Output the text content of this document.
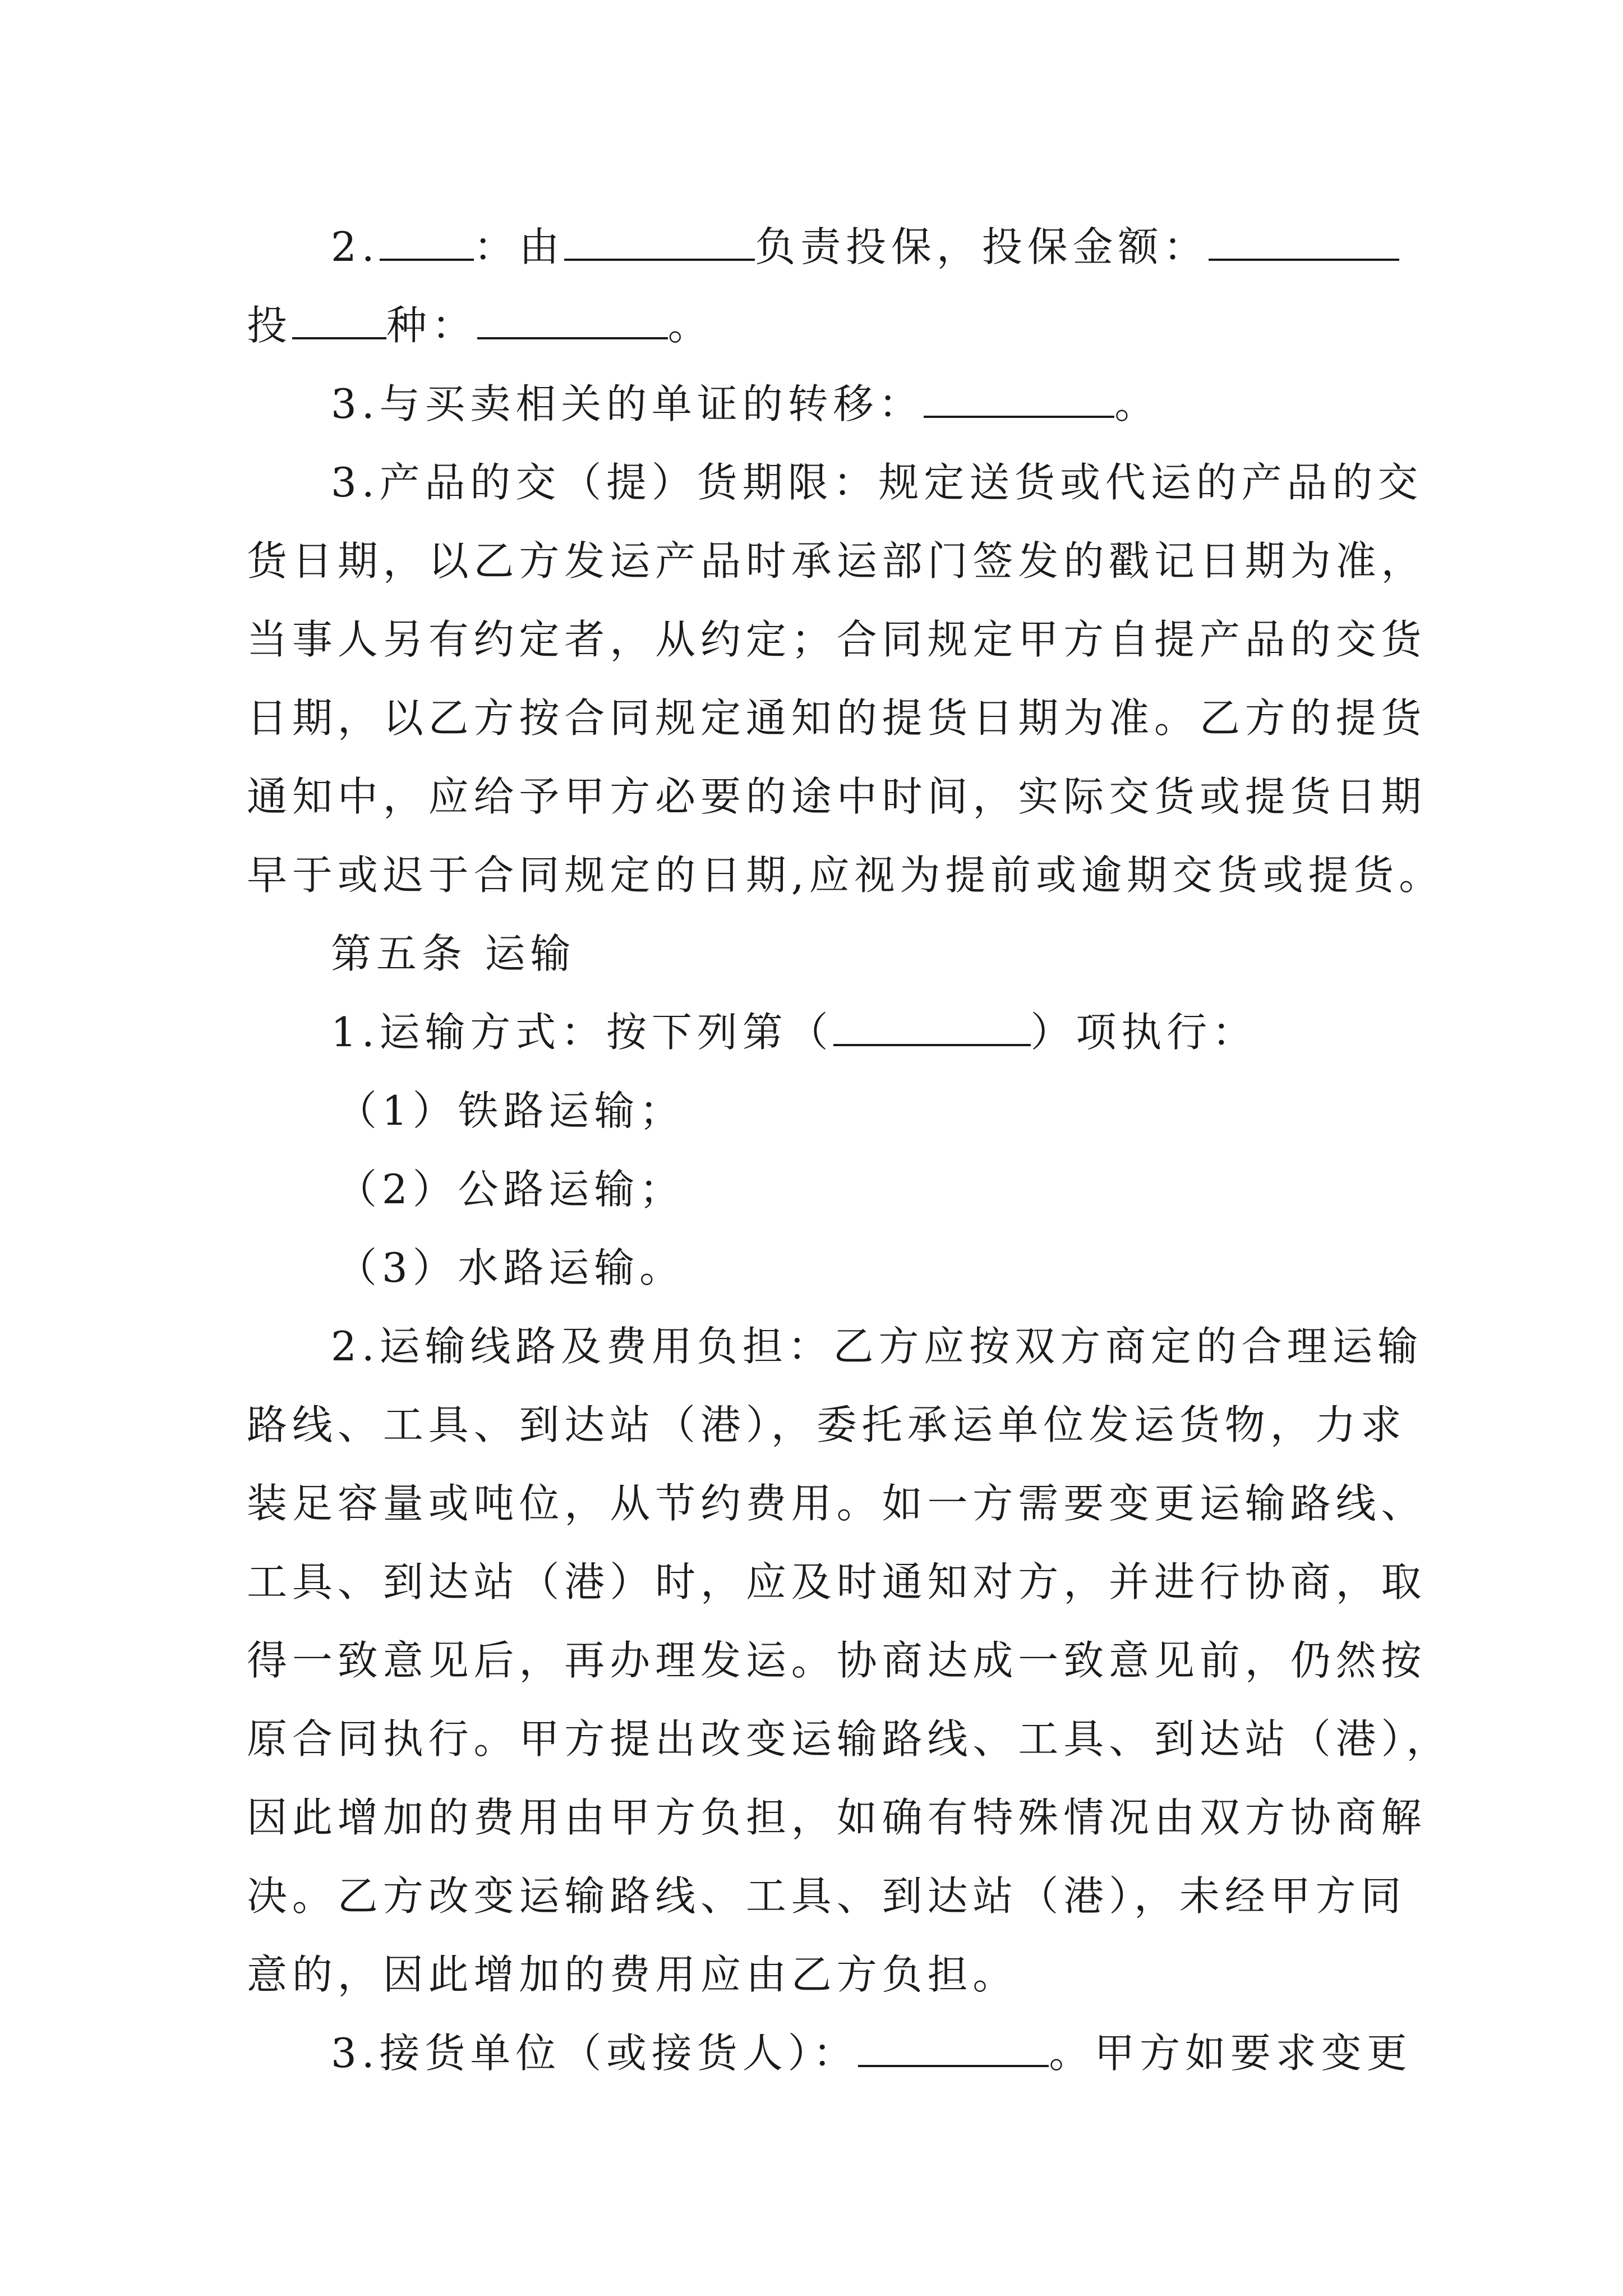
2. ：由	负责投保，投保金额：
投 种：	。
3.与买卖相关的单证的转移：	。
3.产品的交（提）货期限：规定送货或代运的产品的交
货日期，以乙方发运产品时承运部门签发的戳记日期为准，
当事人另有约定者，从约定；合同规定甲方自提产品的交货
日期，以乙方按合同规定通知的提货日期为准。乙方的提货
通知中，应给予甲方必要的途中时间，实际交货或提货日期
早于或迟于合同规定的日期,应视为提前或逾期交货或提货。
第五条 运输
1.运输方式：按下列第（	）项执行：
（1）铁路运输；
（2）公路运输；
（3）水路运输。
2.运输线路及费用负担：乙方应按双方商定的合理运输
路线、工具、到达站（港），委托承运单位发运货物，力求
装足容量或吨位，从节约费用。如一方需要变更运输路线、
工具、到达站（港）时，应及时通知对方，并进行协商，取
得一致意见后，再办理发运。协商达成一致意见前，仍然按
原合同执行。甲方提出改变运输路线、工具、到达站（港），
因此增加的费用由甲方负担，如确有特殊情况由双方协商解
决。乙方改变运输路线、工具、到达站（港），未经甲方同
意的，因此增加的费用应由乙方负担。
3.接货单位（或接货人）：	。甲方如要求变更
